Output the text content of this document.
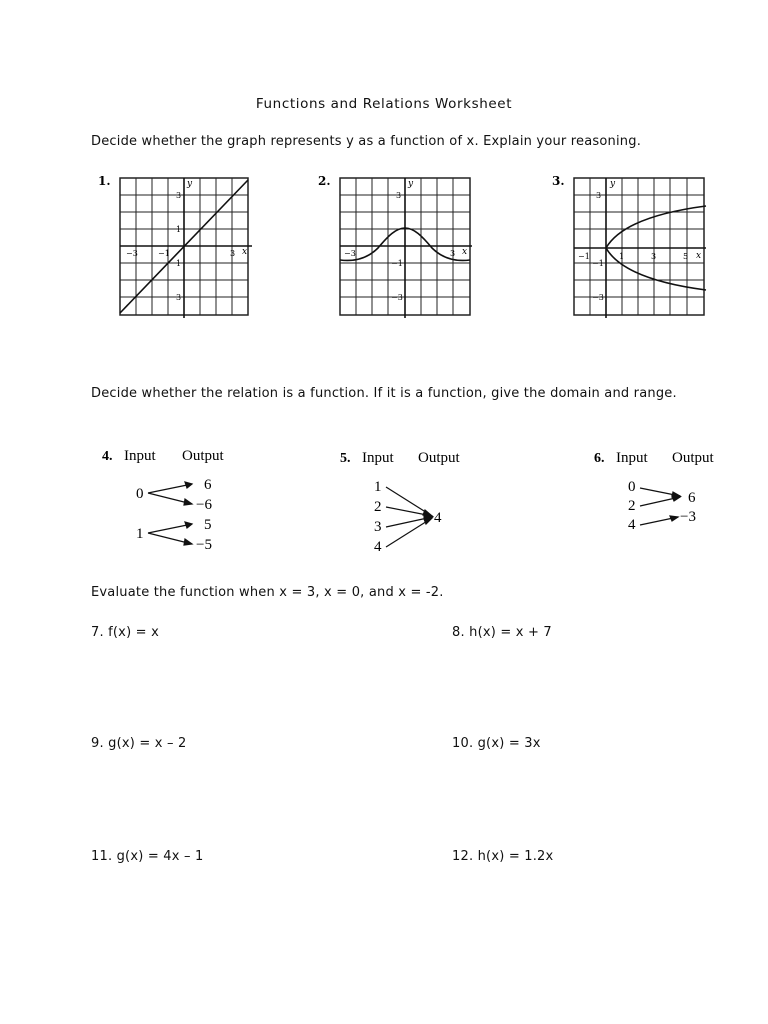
Functions and Relations Worksheet
Decide whether the graph represents y as a function of x. Explain your reasoning.
1.	y
x
−3	−1	3
3
1
1
3
2.	y
x
−3	3
3
−1
−3
3.	y
x
−1	1	3	5
3
−1
−3
Decide whether the relation is a function. If it is a function, give the domain and range.
4. Input Output
0
1
6
−6
5
−5
5. Input Output
1
2
3
4
4
6. Input Output
0
2
4
6
−3
Evaluate the function when x = 3, x = 0, and x = -2.
7. f(x) = x	8. h(x) = x + 7
9. g(x) = x – 2	10. g(x) = 3x
11. g(x) = 4x – 1	12. h(x) = 1.2x
